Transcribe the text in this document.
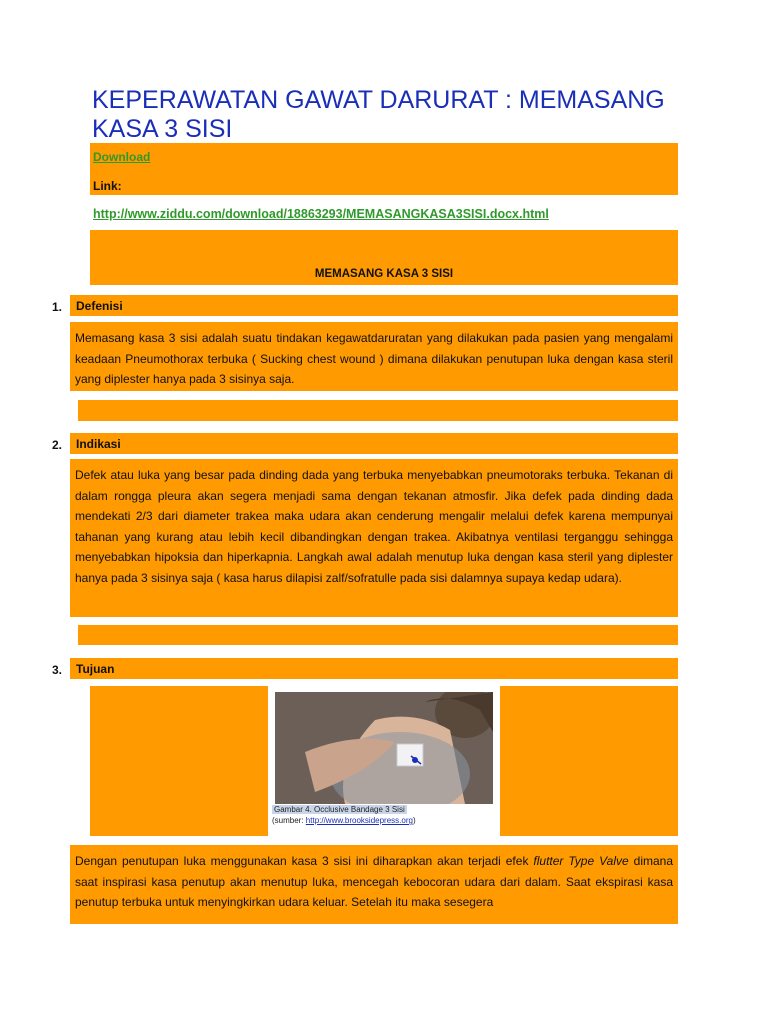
KEPERAWATAN GAWAT DARURAT : MEMASANG KASA 3 SISI
Download
Link:
http://www.ziddu.com/download/18863293/MEMASANGKASA3SISI.docx.html
MEMASANG KASA 3 SISI
1.	Defenisi
Memasang kasa 3 sisi adalah suatu tindakan kegawatdaruratan yang dilakukan pada pasien yang mengalami keadaan Pneumothorax terbuka ( Sucking chest wound ) dimana dilakukan penutupan luka dengan kasa steril yang diplester hanya pada 3 sisinya saja.
2.	Indikasi
Defek atau luka yang besar pada dinding dada yang terbuka menyebabkan pneumotoraks terbuka. Tekanan di dalam rongga pleura akan segera menjadi sama dengan tekanan atmosfir. Jika defek pada dinding dada mendekati 2/3 dari diameter trakea maka udara akan cenderung mengalir melalui defek karena mempunyai tahanan yang kurang atau lebih kecil dibandingkan dengan trakea. Akibatnya ventilasi terganggu sehingga menyebabkan hipoksia dan hiperkapnia. Langkah awal adalah menutup luka dengan kasa steril yang diplester hanya pada 3 sisinya saja ( kasa harus dilapisi zalf/sofratulle pada sisi dalamnya supaya kedap udara).
3.	Tujuan
Gambar 4. Occlusive Bandage 3 Sisi
(sumber: http://www.brooksidepress.org)
Dengan penutupan luka menggunakan kasa 3 sisi ini diharapkan akan terjadi efek flutter Type Valve dimana saat inspirasi kasa penutup akan menutup luka, mencegah kebocoran udara dari dalam. Saat ekspirasi kasa penutup terbuka untuk menyingkirkan udara keluar. Setelah itu maka sesegera
